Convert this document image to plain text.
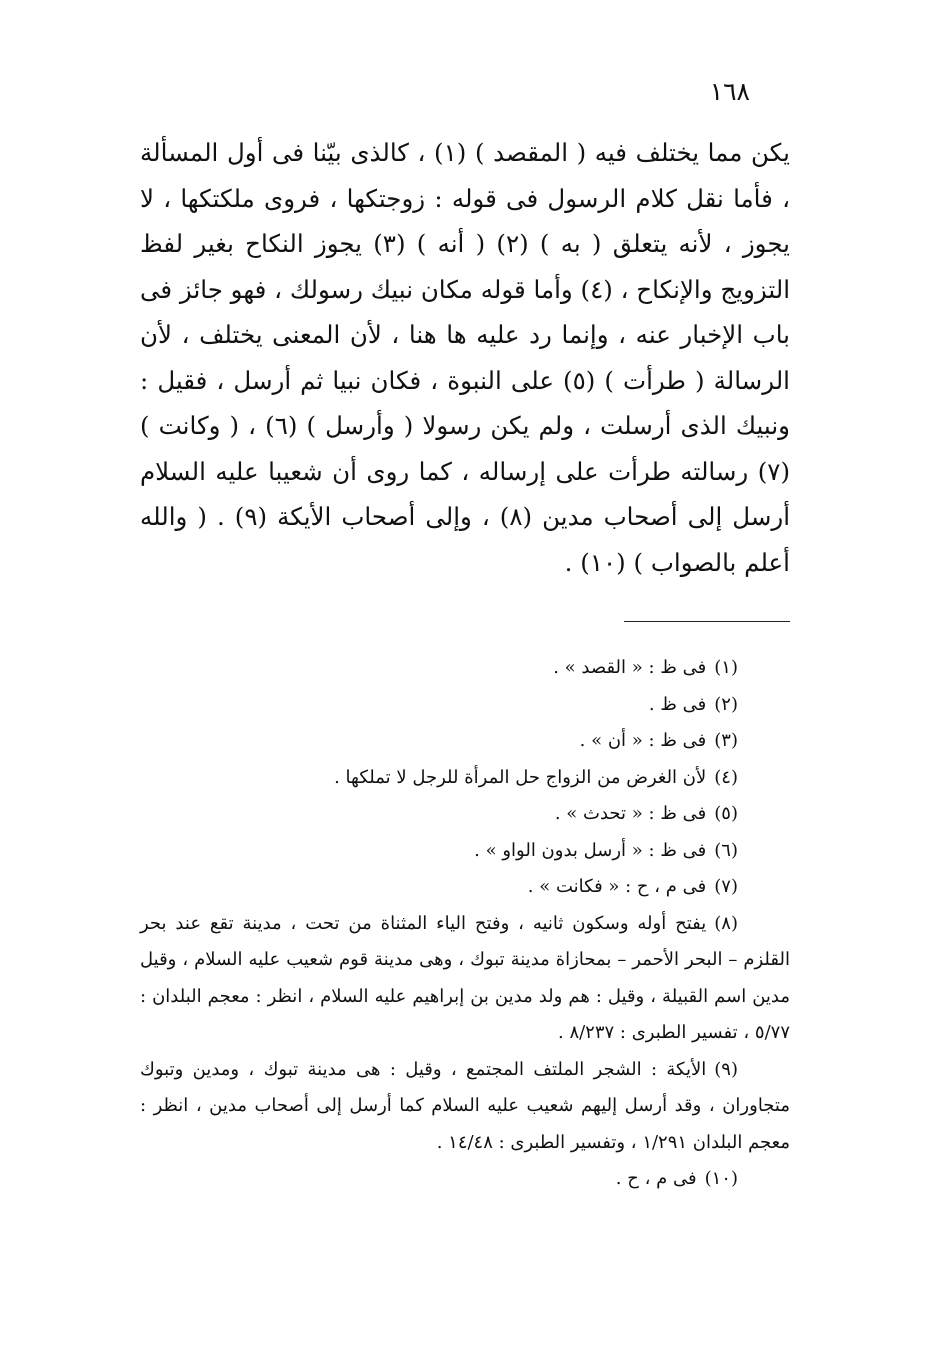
١٦٨

يكن مما يختلف فيه ( المقصد ) (١) ، كالذى بيّنا فى أول المسألة ، فأما نقل كلام الرسول فى قوله : زوجتكها ، فروى ملكتكها ، لا يجوز ، لأنه يتعلق ( به ) (٢) ( أنه ) (٣) يجوز النكاح بغير لفظ التزويج والإنكاح ، (٤) وأما قوله مكان نبيك رسولك ، فهو جائز فى باب الإخبار عنه ، وإنما رد عليه ها هنا ، لأن المعنى يختلف ، لأن الرسالة ( طرأت ) (٥) على النبوة ، فكان نبيا ثم أرسل ، فقيل : ونبيك الذى أرسلت ، ولم يكن رسولا ( وأرسل ) (٦) ، ( وكانت ) (٧) رسالته طرأت على إرساله ، كما روى أن شعيبا عليه السلام أرسل إلى أصحاب مدين (٨) ، وإلى أصحاب الأيكة (٩) . ( والله أعلم بالصواب ) (١٠) .

(١)فى ظ : « القصد » .
(٢)فى ظ .
(٣)فى ظ : « أن » .
(٤)لأن الغرض من الزواج حل المرأة للرجل لا تملكها .
(٥)فى ظ : « تحدث » .
(٦)فى ظ : « أرسل بدون الواو » .
(٧)فى م ، ح : « فكانت » .
(٨)يفتح أوله وسكون ثانيه ، وفتح الياء المثناة من تحت ، مدينة تقع عند بحر القلزم – البحر الأحمر – بمحازاة مدينة تبوك ، وهى مدينة قوم شعيب عليه السلام ، وقيل مدين اسم القبيلة ، وقيل : هم ولد مدين بن إبراهيم عليه السلام ، انظر : معجم البلدان : ٥/٧٧ ، تفسير الطبرى : ٨/٢٣٧ .
(٩)الأيكة : الشجر الملتف المجتمع ، وقيل : هى مدينة تبوك ، ومدين وتبوك متجاوران ، وقد أرسل إليهم شعيب عليه السلام كما أرسل إلى أصحاب مدين ، انظر : معجم البلدان ١/٢٩١ ، وتفسير الطبرى : ١٤/٤٨ .
(١٠)فى م ، ح .
